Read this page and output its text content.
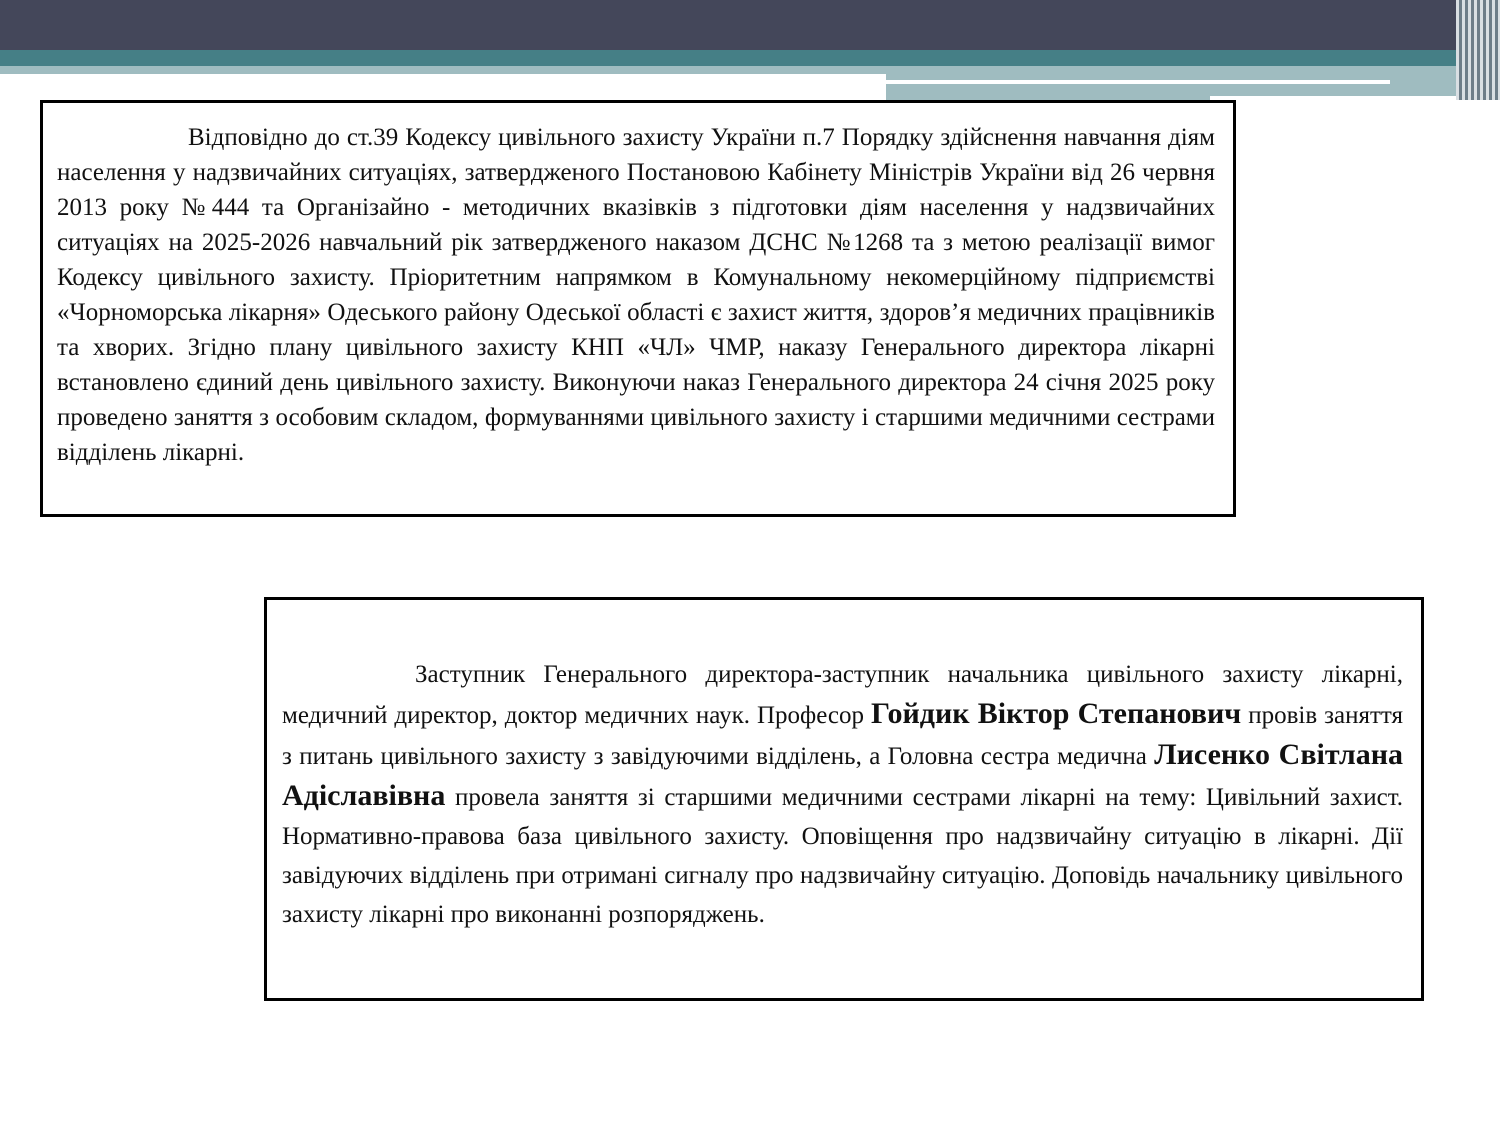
Відповідно до ст.39 Кодексу цивільного захисту України п.7 Порядку здійснення навчання діям населення у надзвичайних ситуаціях, затвердженого Постановою Кабінету Міністрів України від 26 червня 2013 року №444 та Організайно - методичних вказівків з підготовки діям населення у надзвичайних ситуаціях на 2025-2026 навчальний рік затвердженого наказом ДСНС №1268 та з метою реалізації вимог Кодексу цивільного захисту. Пріоритетним напрямком в Комунальному некомерційному підприємстві «Чорноморська лікарня» Одеського району Одеської області є захист життя, здоров’я медичних працівників та хворих. Згідно плану цивільного захисту КНП «ЧЛ» ЧМР, наказу Генерального директора лікарні встановлено єдиний день цивільного захисту. Виконуючи наказ Генерального директора 24 січня 2025 року проведено заняття з особовим складом, формуваннями цивільного захисту і старшими медичними сестрами відділень лікарні.

Заступник Генерального директора-заступник начальника цивільного захисту лікарні, медичний директор, доктор медичних наук. Професор Гойдик Віктор Степанович провів заняття з питань цивільного захисту з завідуючими відділень, а Головна сестра медична Лисенко Світлана Адіславівна провела заняття зі старшими медичними сестрами лікарні на тему: Цивільний захист. Нормативно-правова база цивільного захисту. Оповіщення про надзвичайну ситуацію в лікарні. Дії завідуючих відділень при отримані сигналу про надзвичайну ситуацію. Доповідь начальнику цивільного захисту лікарні про виконанні розпоряджень.
